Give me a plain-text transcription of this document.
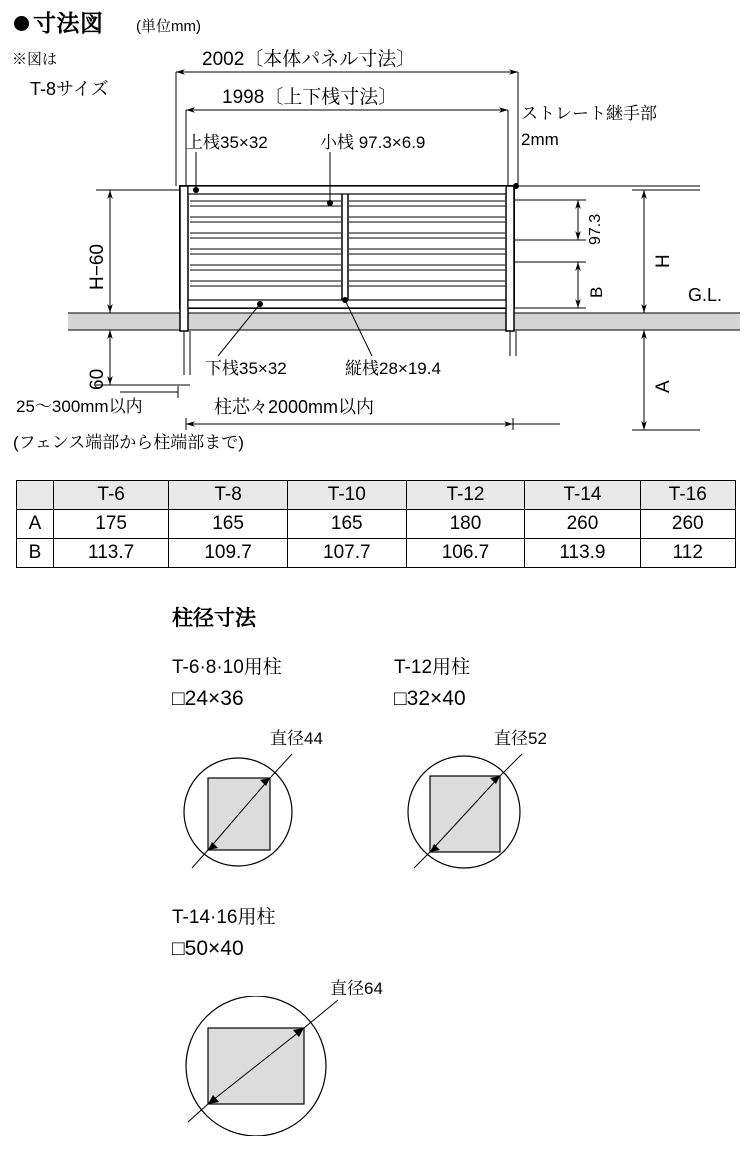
寸法図 (単位mm)
※図は
T-8サイズ
2002〔本体パネル寸法〕
1998〔上下桟寸法〕
上桟35×32	小桟 97.3×6.9
ストレート継手部
2mm
下桟35×32	縦桟28×19.4
25〜300mm以内
(フェンス端部から柱端部まで)
柱芯々2000mm以内
G.L.
H−60
60
97.3
B
H
A
	T-6	T-8	T-10	T-12	T-14	T-16
A	175	165	165	180	260	260
B	113.7	109.7	107.7	106.7	113.9	112
柱径寸法
T-6·8·10用柱
□24×36
直径44
T-12用柱
□32×40
直径52
T-14·16用柱
□50×40
直径64
